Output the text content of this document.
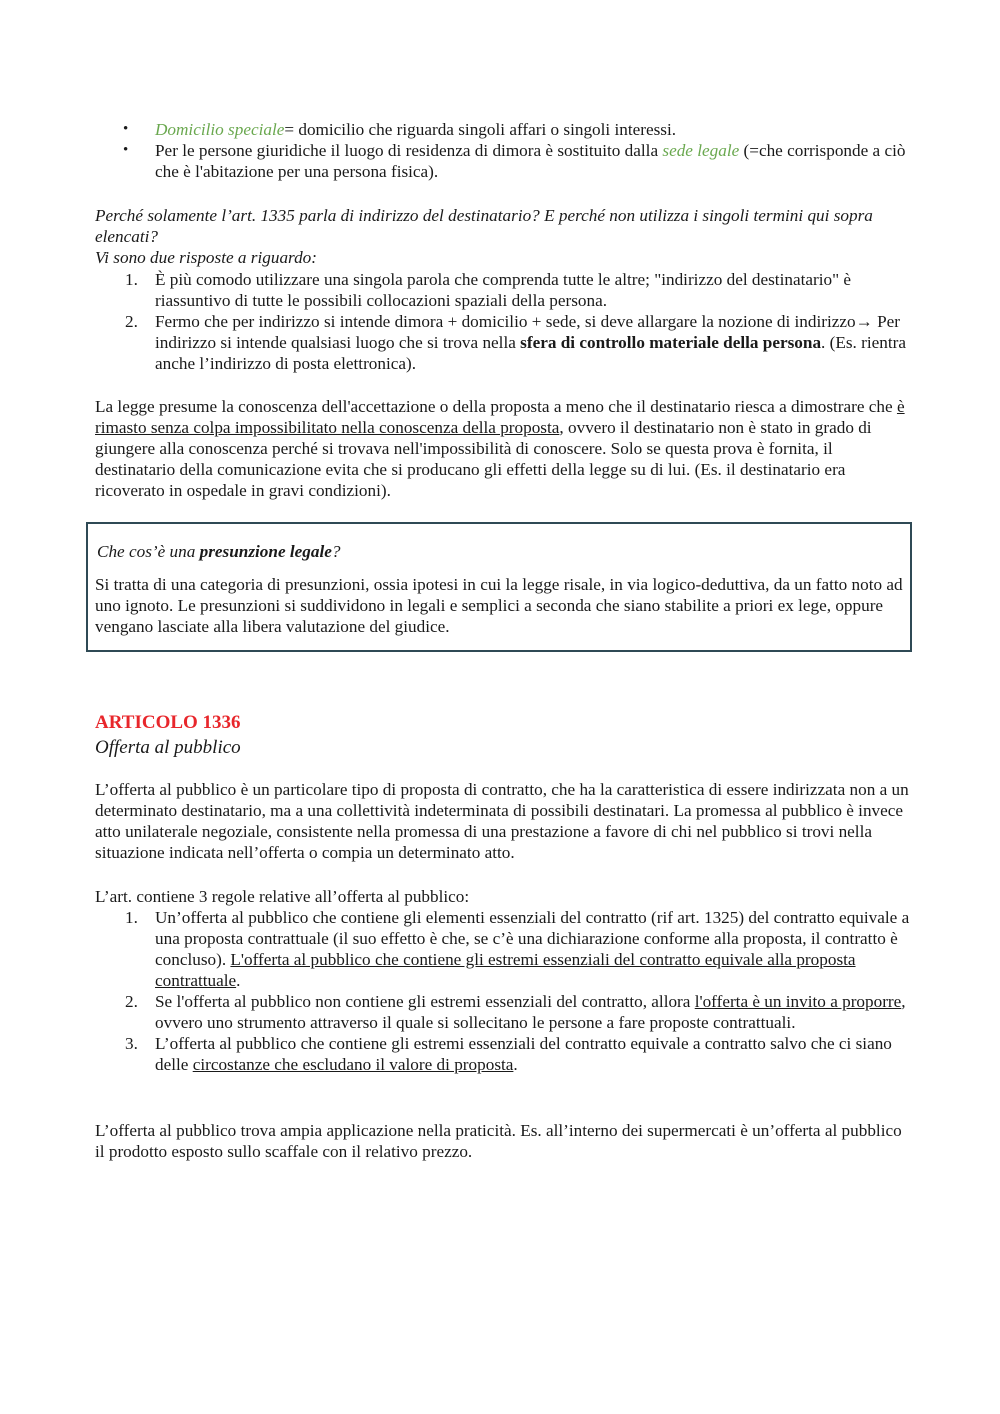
• Domicilio speciale= domicilio che riguarda singoli affari o singoli interessi.
• Per le persone giuridiche il luogo di residenza di dimora è sostituito dalla sede legale (=che corrisponde a ciò che è l'abitazione per una persona fisica).

Perché solamente l’art. 1335 parla di indirizzo del destinatario? E perché non utilizza i singoli termini qui sopra elencati?

Vi sono due risposte a riguardo:

1. È più comodo utilizzare una singola parola che comprenda tutte le altre; "indirizzo del destinatario" è riassuntivo di tutte le possibili collocazioni spaziali della persona.
2. Fermo che per indirizzo si intende dimora + domicilio + sede, si deve allargare la nozione di indirizzo→ Per indirizzo si intende qualsiasi luogo che si trova nella sfera di controllo materiale della persona. (Es. rientra anche l’indirizzo di posta elettronica).

La legge presume la conoscenza dell'accettazione o della proposta a meno che il destinatario riesca a dimostrare che è rimasto senza colpa impossibilitato nella conoscenza della proposta, ovvero il destinatario non è stato in grado di giungere alla conoscenza perché si trovava nell'impossibilità di conoscere. Solo se questa prova è fornita, il destinatario della comunicazione evita che si producano gli effetti della legge su di lui. (Es. il destinatario era ricoverato in ospedale in gravi condizioni).

Che cos’è una presunzione legale?

Si tratta di una categoria di presunzioni, ossia ipotesi in cui la legge risale, in via logico-deduttiva, da un fatto noto ad uno ignoto. Le presunzioni si suddividono in legali e semplici a seconda che siano stabilite a priori ex lege, oppure vengano lasciate alla libera valutazione del giudice.

ARTICOLO 1336
Offerta al pubblico

L’offerta al pubblico è un particolare tipo di proposta di contratto, che ha la caratteristica di essere indirizzata non a un determinato destinatario, ma a una collettività indeterminata di possibili destinatari. La promessa al pubblico è invece atto unilaterale negoziale, consistente nella promessa di una prestazione a favore di chi nel pubblico si trovi nella situazione indicata nell’offerta o compia un determinato atto.

L’art. contiene 3 regole relative all’offerta al pubblico:

1. Un’offerta al pubblico che contiene gli elementi essenziali del contratto (rif art. 1325) del contratto equivale a una proposta contrattuale (il suo effetto è che, se c’è una dichiarazione conforme alla proposta, il contratto è concluso). L'offerta al pubblico che contiene gli estremi essenziali del contratto equivale alla proposta contrattuale.
2. Se l'offerta al pubblico non contiene gli estremi essenziali del contratto, allora l'offerta è un invito a proporre, ovvero uno strumento attraverso il quale si sollecitano le persone a fare proposte contrattuali.
3. L’offerta al pubblico che contiene gli estremi essenziali del contratto equivale a contratto salvo che ci siano delle circostanze che escludano il valore di proposta.

L’offerta al pubblico trova ampia applicazione nella praticità. Es. all’interno dei supermercati è un’offerta al pubblico il prodotto esposto sullo scaffale con il relativo prezzo.
